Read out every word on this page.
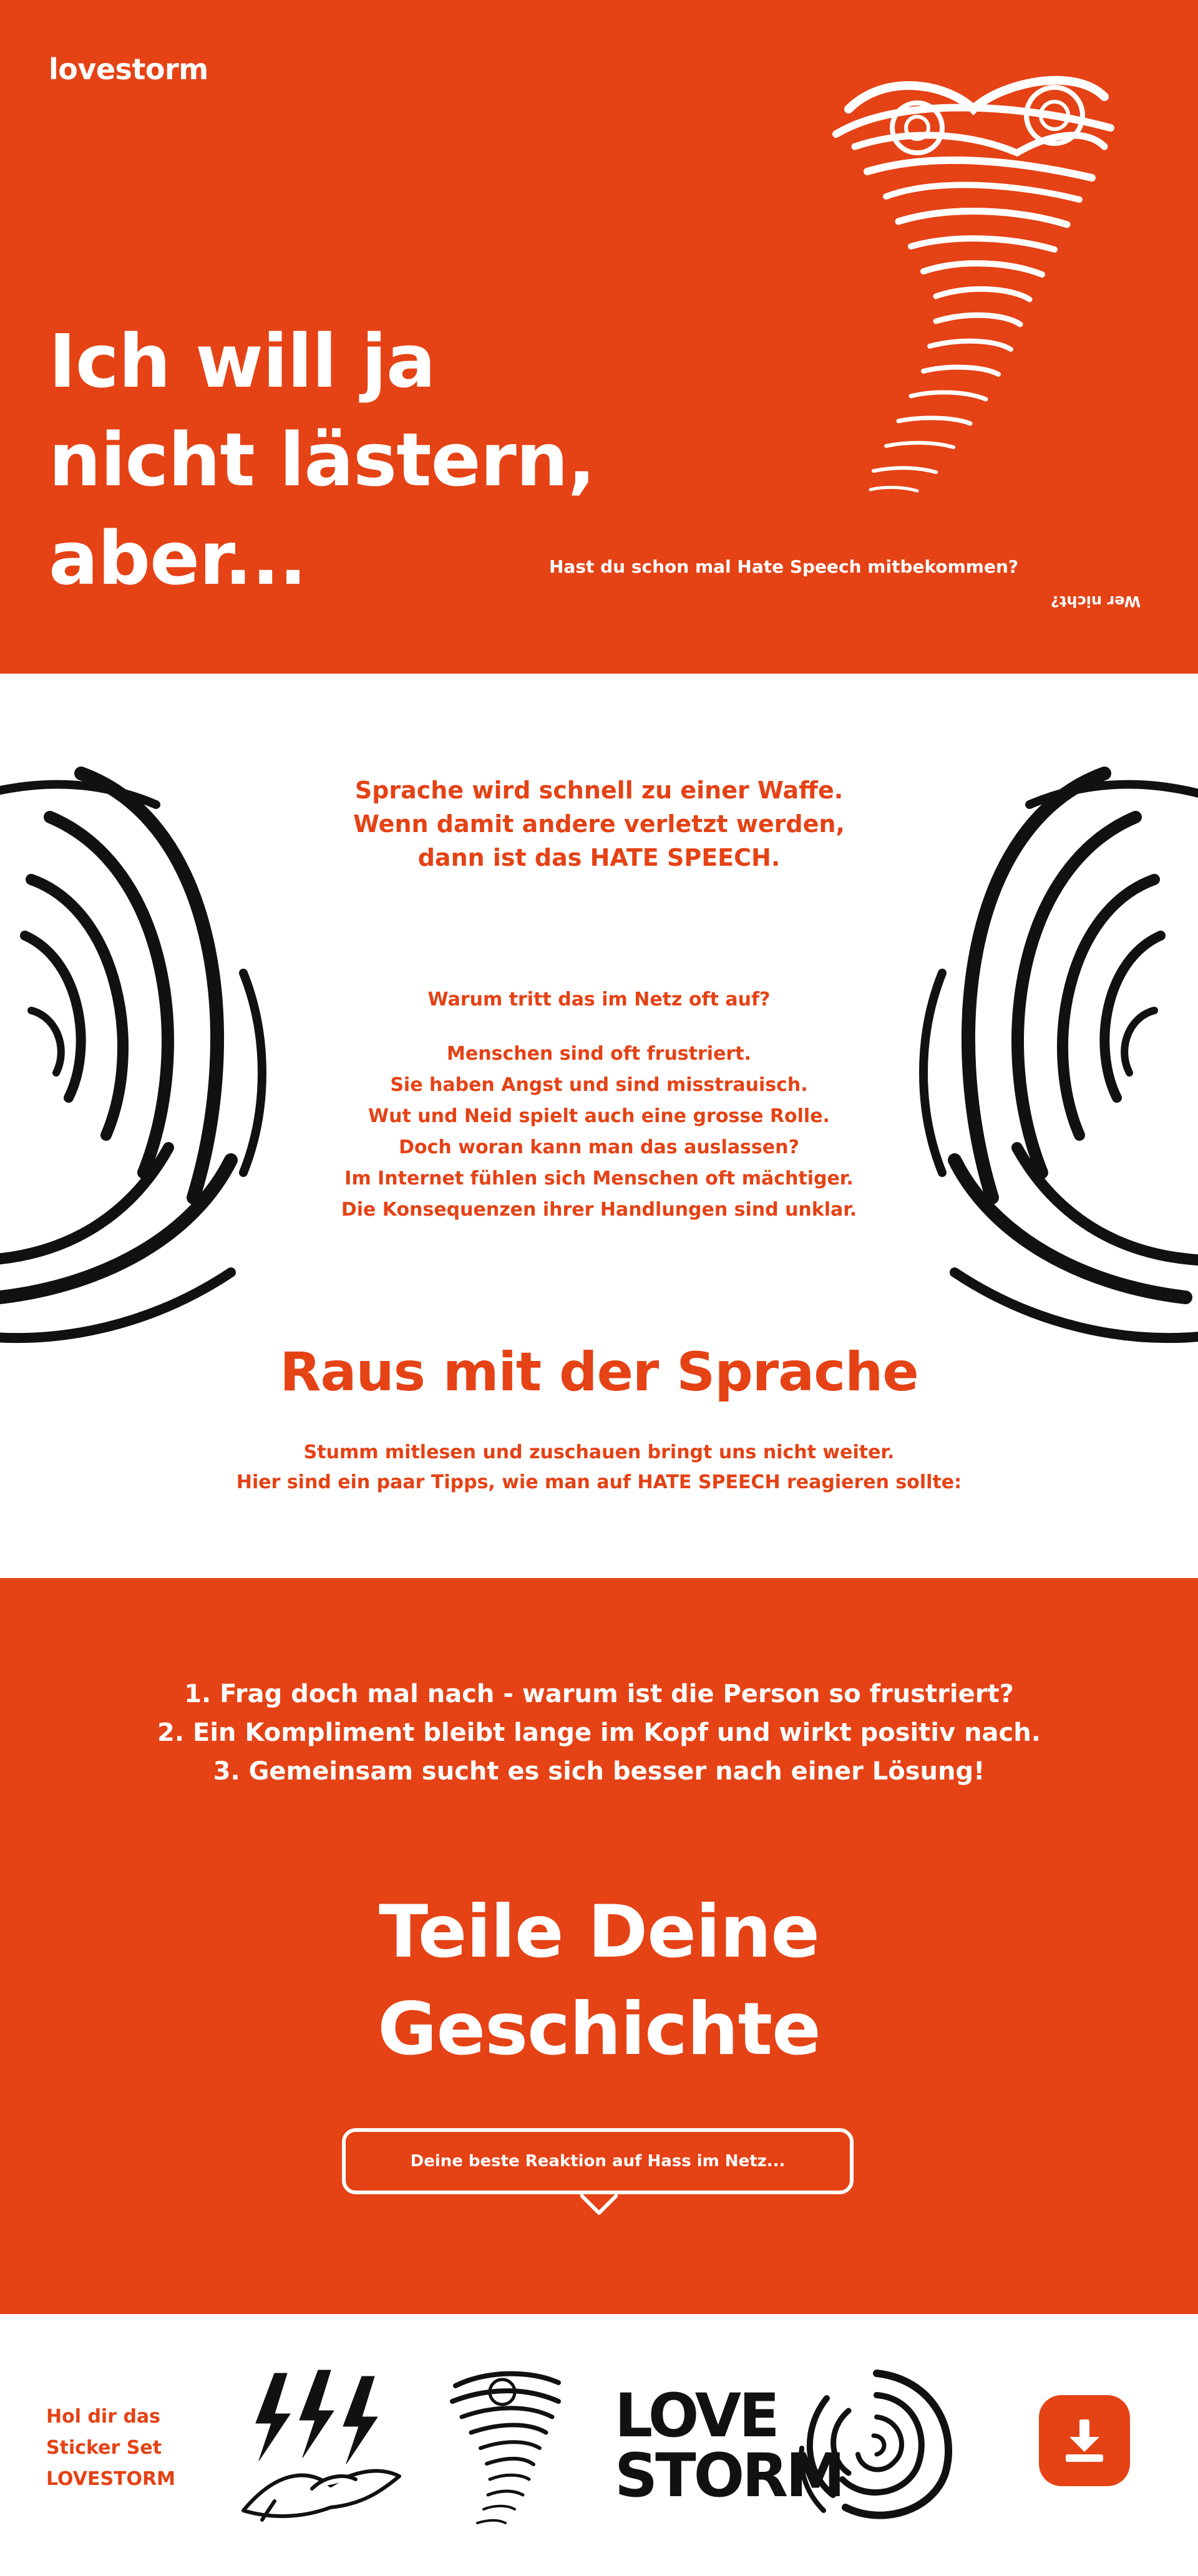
lovestorm
Ich will ja
nicht lästern,
aber...	Hast du schon mal Hate Speech mitbekommen?
Wer nicht?
Sprache wird schnell zu einer Waffe.
Wenn damit andere verletzt werden,
dann ist das HATE SPEECH.
Warum tritt das im Netz oft auf?
Menschen sind oft frustriert.
Sie haben Angst und sind misstrauisch.
Wut und Neid spielt auch eine grosse Rolle.
Doch woran kann man das auslassen?
Im Internet fühlen sich Menschen oft mächtiger.
Die Konsequenzen ihrer Handlungen sind unklar.
Raus mit der Sprache
Stumm mitlesen und zuschauen bringt uns nicht weiter.
Hier sind ein paar Tipps, wie man auf HATE SPEECH reagieren sollte:
1. Frag doch mal nach - warum ist die Person so frustriert?
2. Ein Kompliment bleibt lange im Kopf und wirkt positiv nach.
3. Gemeinsam sucht es sich besser nach einer Lösung!
Teile Deine
Geschichte
Deine beste Reaktion auf Hass im Netz...
Hol dir das
Sticker Set
LOVESTORM
LOVE
STORM
